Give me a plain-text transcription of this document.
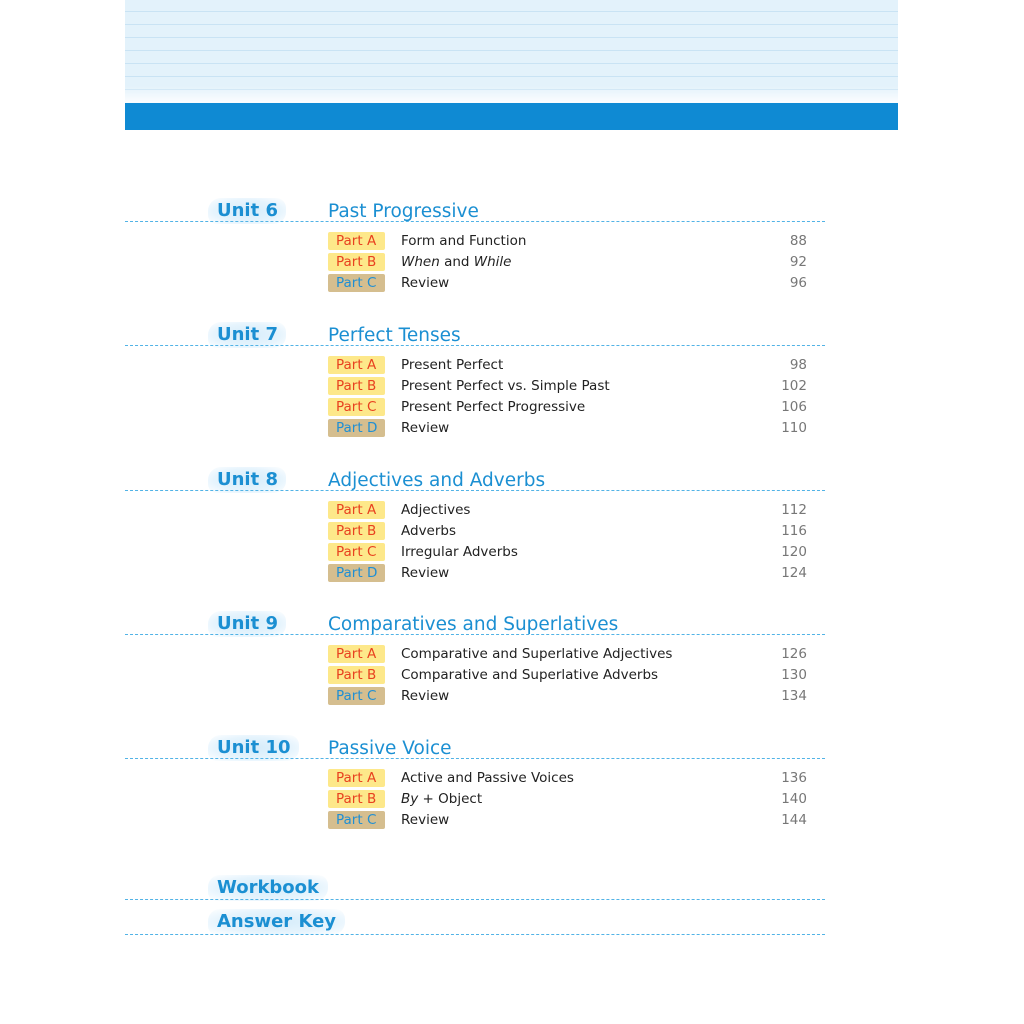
Unit 6	Past Progressive
Part A	Form and Function	88
Part B	When and While	92
Part C	Review	96
Unit 7	Perfect Tenses
Part A	Present Perfect	98
Part B	Present Perfect vs. Simple Past	102
Part C	Present Perfect Progressive	106
Part D	Review	110
Unit 8	Adjectives and Adverbs
Part A	Adjectives	112
Part B	Adverbs	116
Part C	Irregular Adverbs	120
Part D	Review	124
Unit 9	Comparatives and Superlatives
Part A	Comparative and Superlative Adjectives	126
Part B	Comparative and Superlative Adverbs	130
Part C	Review	134
Unit 10	Passive Voice
Part A	Active and Passive Voices	136
Part B	By + Object	140
Part C	Review	144
Workbook
Answer Key
